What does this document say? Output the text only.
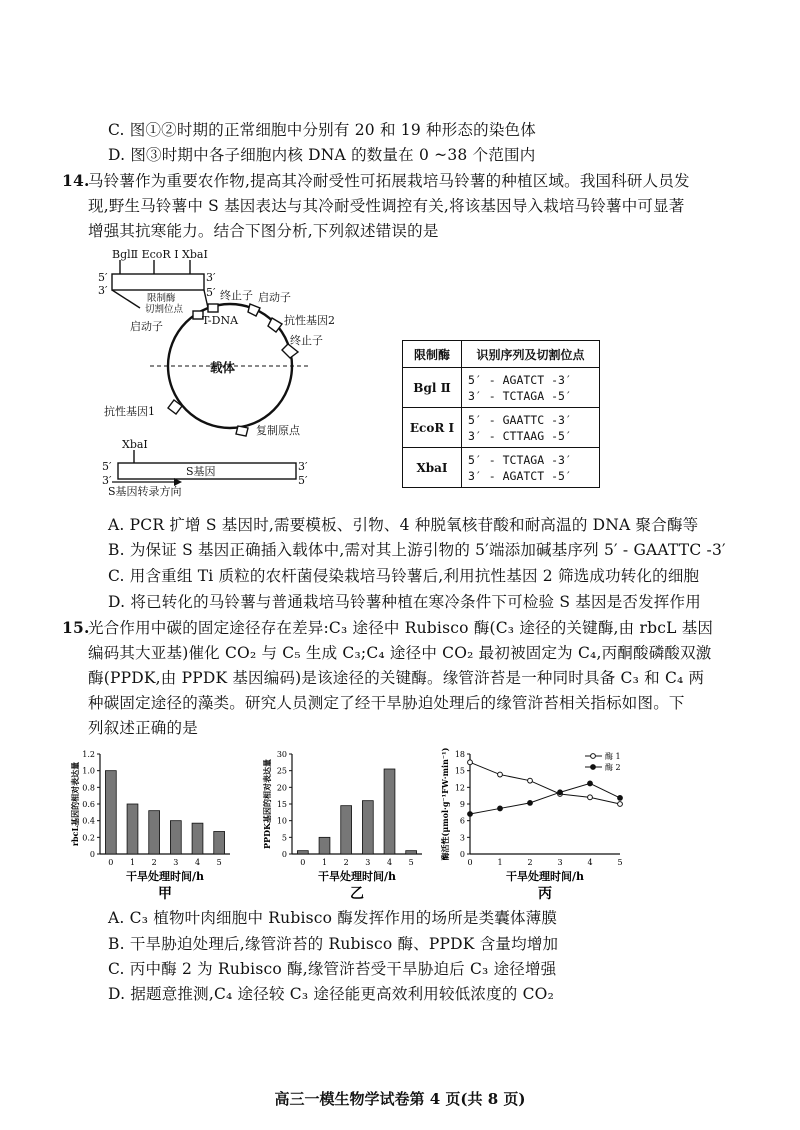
C. 图①②时期的正常细胞中分别有 20 和 19 种形态的染色体
D. 图③时期中各子细胞内核 DNA 的数量在 0 ~38 个范围内
14.
马铃薯作为重要农作物,提高其冷耐受性可拓展栽培马铃薯的种植区域。我国科研人员发
现,野生马铃薯中 S 基因表达与其冷耐受性调控有关,将该基因导入栽培马铃薯中可显著
增强其抗寒能力。结合下图分析,下列叙述错误的是
BglⅡ EcoR I XbaI
5′
3′
3′
5′
限制酶
切割位点
终止子 启动子
启动子	T-DNA	抗性基因2
终止子
载体
抗性基因1
复制原点
XbaI
5′
3′
3′
5′
S基因
S基因转录方向
限制酶	识别序列及切割位点
Bgl Ⅱ	5′ - AGATCT -3′
3′ - TCTAGA -5′

EcoR I	5′ - GAATTC -3′
3′ - CTTAAG -5′

XbaⅠ	5′ - TCTAGA -3′
3′ - AGATCT -5′
A. PCR 扩增 S 基因时,需要模板、引物、4 种脱氧核苷酸和耐高温的 DNA 聚合酶等
B. 为保证 S 基因正确插入载体中,需对其上游引物的 5′端添加碱基序列 5′ - GAATTC -3′
C. 用含重组 Ti 质粒的农杆菌侵染栽培马铃薯后,利用抗性基因 2 筛选成功转化的细胞
D. 将已转化的马铃薯与普通栽培马铃薯种植在寒冷条件下可检验 S 基因是否发挥作用
15.
光合作用中碳的固定途径存在差异:C₃ 途径中 Rubisco 酶(C₃ 途径的关键酶,由 rbcL 基因
编码其大亚基)催化 CO₂ 与 C₅ 生成 C₃;C₄ 途径中 CO₂ 最初被固定为 C₄,丙酮酸磷酸双激
酶(PPDK,由 PPDK 基因编码)是该途径的关键酶。缘管浒苔是一种同时具备 C₃ 和 C₄ 两
种碳固定途径的藻类。研究人员测定了经干旱胁迫处理后的缘管浒苔相关指标如图。下
列叙述正确的是
0
0.2
0.4
0.6
0.8
1.0
1.2
rbcL基因的相对表达量
干旱处理时间/h
甲
0 1 2 3 4 5
0
5
10
15
20
25
30
PPDK基因的相对表达量
干旱处理时间/h
乙
0 1 2 3 4 5
0
3
6
9
12
15
18
酶活性(μmol·g⁻¹FW·min⁻¹)
干旱处理时间/h
丙
0	1	2	3	4	5
酶 1
酶 2
A. C₃ 植物叶肉细胞中 Rubisco 酶发挥作用的场所是类囊体薄膜
B. 干旱胁迫处理后,缘管浒苔的 Rubisco 酶、PPDK 含量均增加
C. 丙中酶 2 为 Rubisco 酶,缘管浒苔受干旱胁迫后 C₃ 途径增强
D. 据题意推测,C₄ 途径较 C₃ 途径能更高效利用较低浓度的 CO₂
高三一模生物学试卷第 4 页(共 8 页)
